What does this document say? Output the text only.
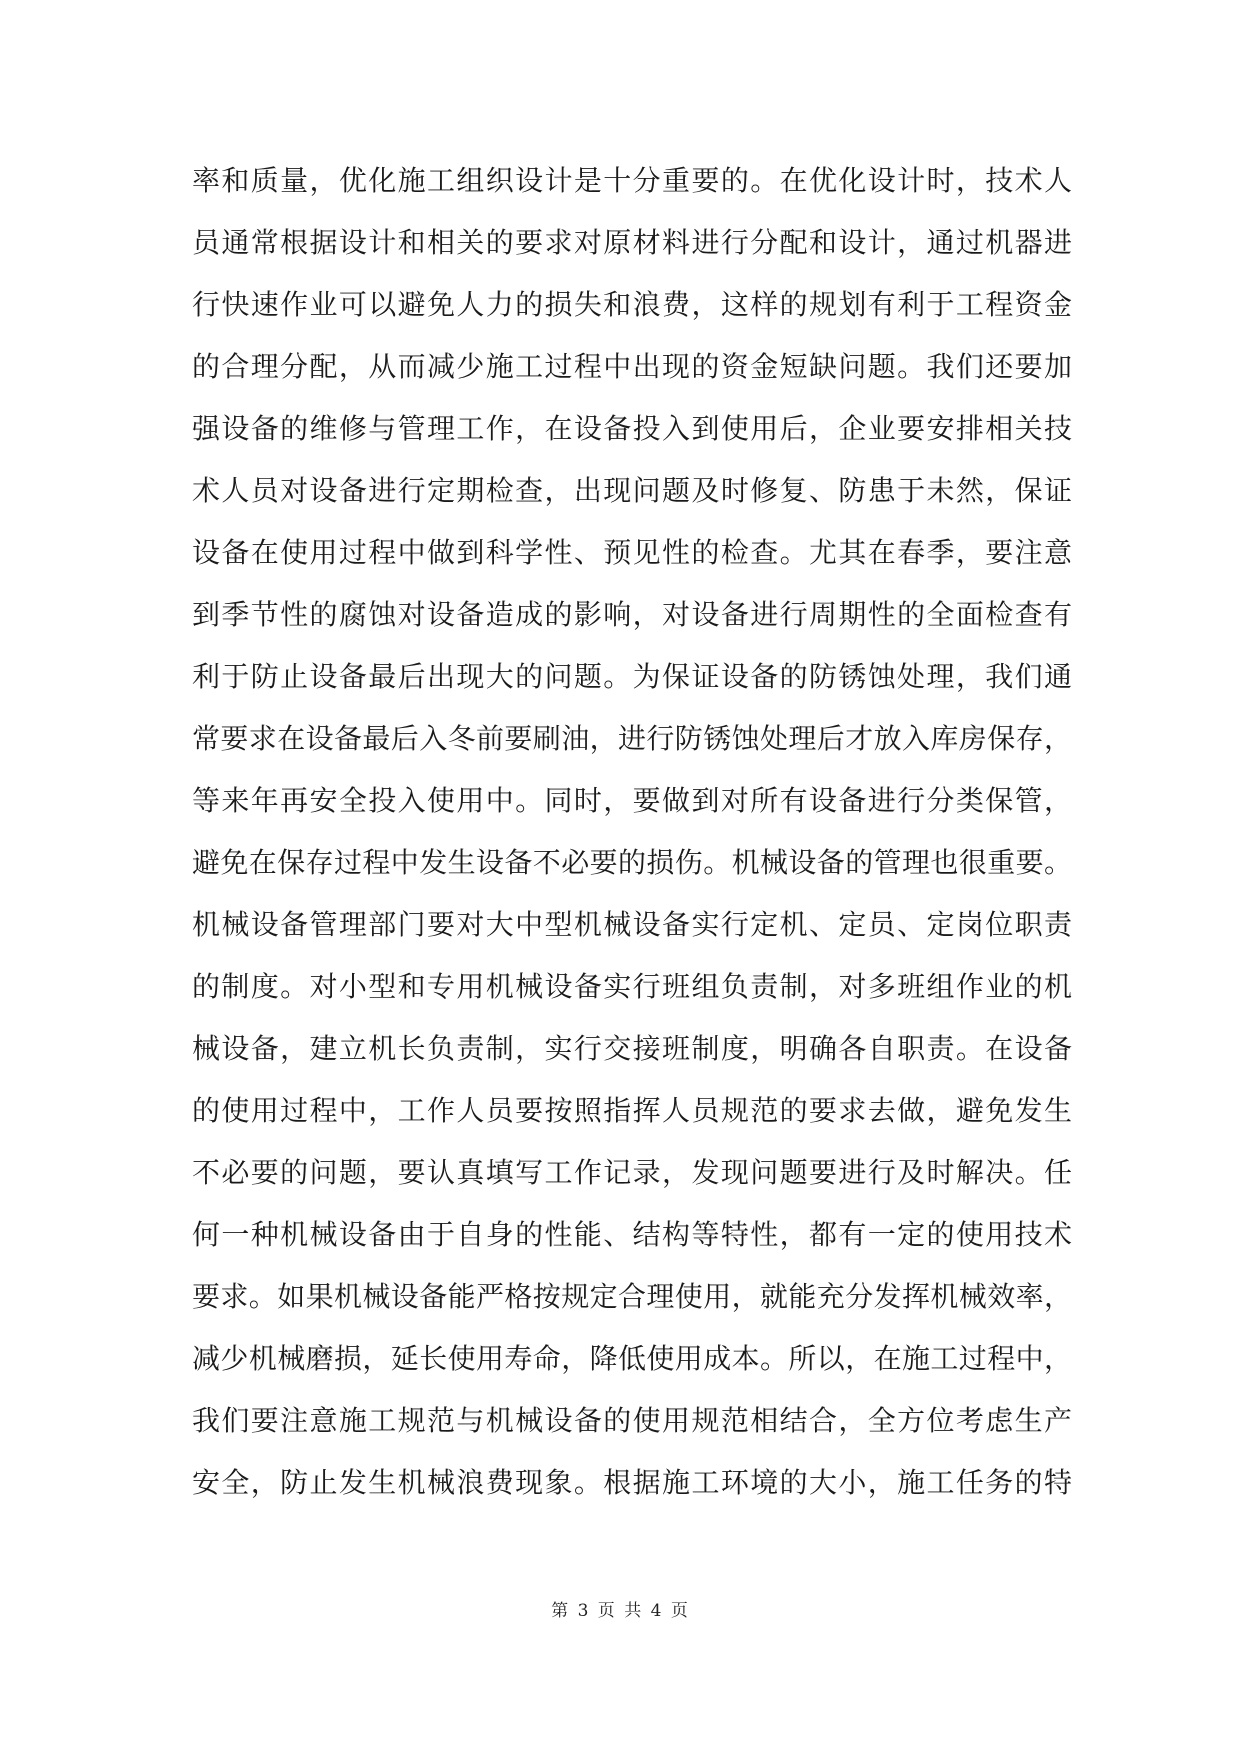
率和质量，优化施工组织设计是十分重要的。在优化设计时，技术人
员通常根据设计和相关的要求对原材料进行分配和设计，通过机器进
行快速作业可以避免人力的损失和浪费，这样的规划有利于工程资金
的合理分配，从而减少施工过程中出现的资金短缺问题。我们还要加
强设备的维修与管理工作，在设备投入到使用后，企业要安排相关技
术人员对设备进行定期检查，出现问题及时修复、防患于未然，保证
设备在使用过程中做到科学性、预见性的检查。尤其在春季，要注意
到季节性的腐蚀对设备造成的影响，对设备进行周期性的全面检查有
利于防止设备最后出现大的问题。为保证设备的防锈蚀处理，我们通
常要求在设备最后入冬前要刷油，进行防锈蚀处理后才放入库房保存，
等来年再安全投入使用中。同时，要做到对所有设备进行分类保管，
避免在保存过程中发生设备不必要的损伤。机械设备的管理也很重要。
机械设备管理部门要对大中型机械设备实行定机、定员、定岗位职责
的制度。对小型和专用机械设备实行班组负责制，对多班组作业的机
械设备，建立机长负责制，实行交接班制度，明确各自职责。在设备
的使用过程中，工作人员要按照指挥人员规范的要求去做，避免发生
不必要的问题，要认真填写工作记录，发现问题要进行及时解决。任
何一种机械设备由于自身的性能、结构等特性，都有一定的使用技术
要求。如果机械设备能严格按规定合理使用，就能充分发挥机械效率，
减少机械磨损，延长使用寿命，降低使用成本。所以，在施工过程中，
我们要注意施工规范与机械设备的使用规范相结合，全方位考虑生产
安全，防止发生机械浪费现象。根据施工环境的大小，施工任务的特
第 3 页 共 4 页
